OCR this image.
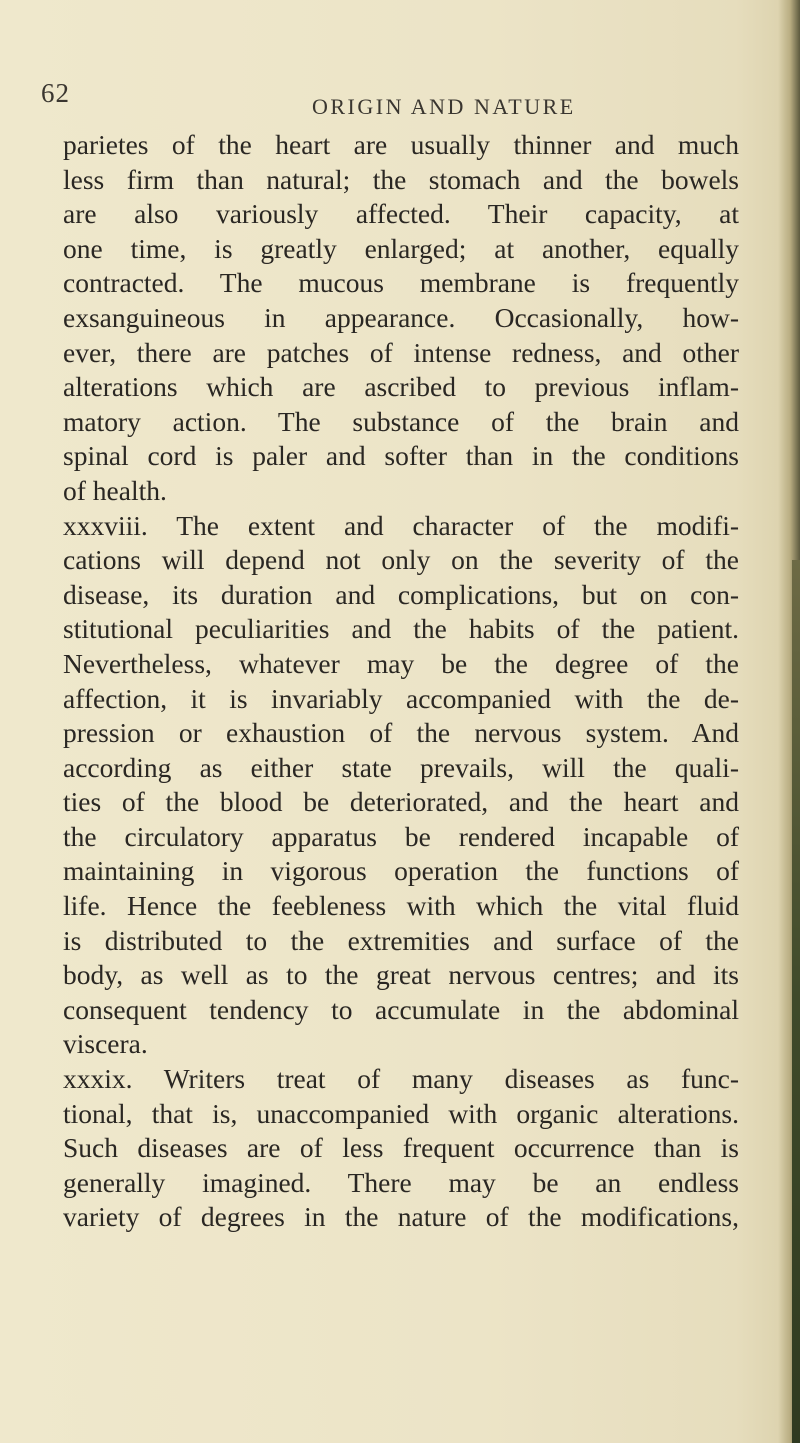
62	ORIGIN AND NATURE
parietes of the heart are usually thinner and much
less firm than natural; the stomach and the bowels
are also variously affected. Their capacity, at
one time, is greatly enlarged; at another, equally
contracted. The mucous membrane is frequently
exsanguineous in appearance. Occasionally, how-
ever, there are patches of intense redness, and other
alterations which are ascribed to previous inflam-
matory action. The substance of the brain and
spinal cord is paler and softer than in the conditions
of health.
xxxviii. The extent and character of the modifi-
cations will depend not only on the severity of the
disease, its duration and complications, but on con-
stitutional peculiarities and the habits of the patient.
Nevertheless, whatever may be the degree of the
affection, it is invariably accompanied with the de-
pression or exhaustion of the nervous system. And
according as either state prevails, will the quali-
ties of the blood be deteriorated, and the heart and
the circulatory apparatus be rendered incapable of
maintaining in vigorous operation the functions of
life. Hence the feebleness with which the vital fluid
is distributed to the extremities and surface of the
body, as well as to the great nervous centres; and its
consequent tendency to accumulate in the abdominal
viscera.
xxxix. Writers treat of many diseases as func-
tional, that is, unaccompanied with organic alterations.
Such diseases are of less frequent occurrence than is
generally imagined. There may be an endless
variety of degrees in the nature of the modifications,
